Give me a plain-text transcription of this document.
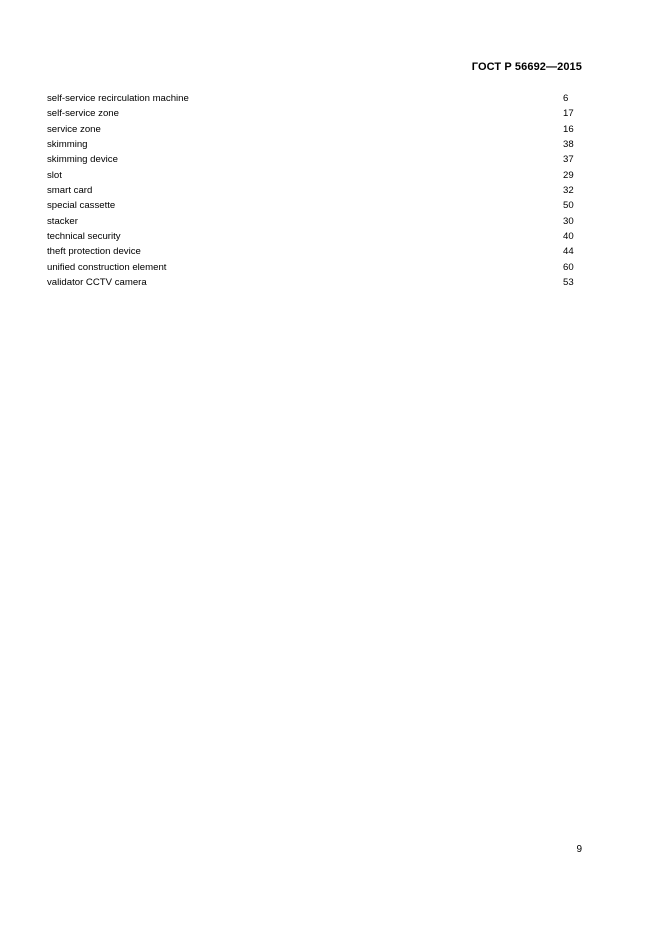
ГОСТ Р 56692—2015
self-service recirculation machine	6
self-service zone	17
service zone	16
skimming	38
skimming device	37
slot	29
smart card	32
special cassette	50
stacker	30
technical security	40
theft protection device	44
unified construction element	60
validator CCTV camera	53
9
